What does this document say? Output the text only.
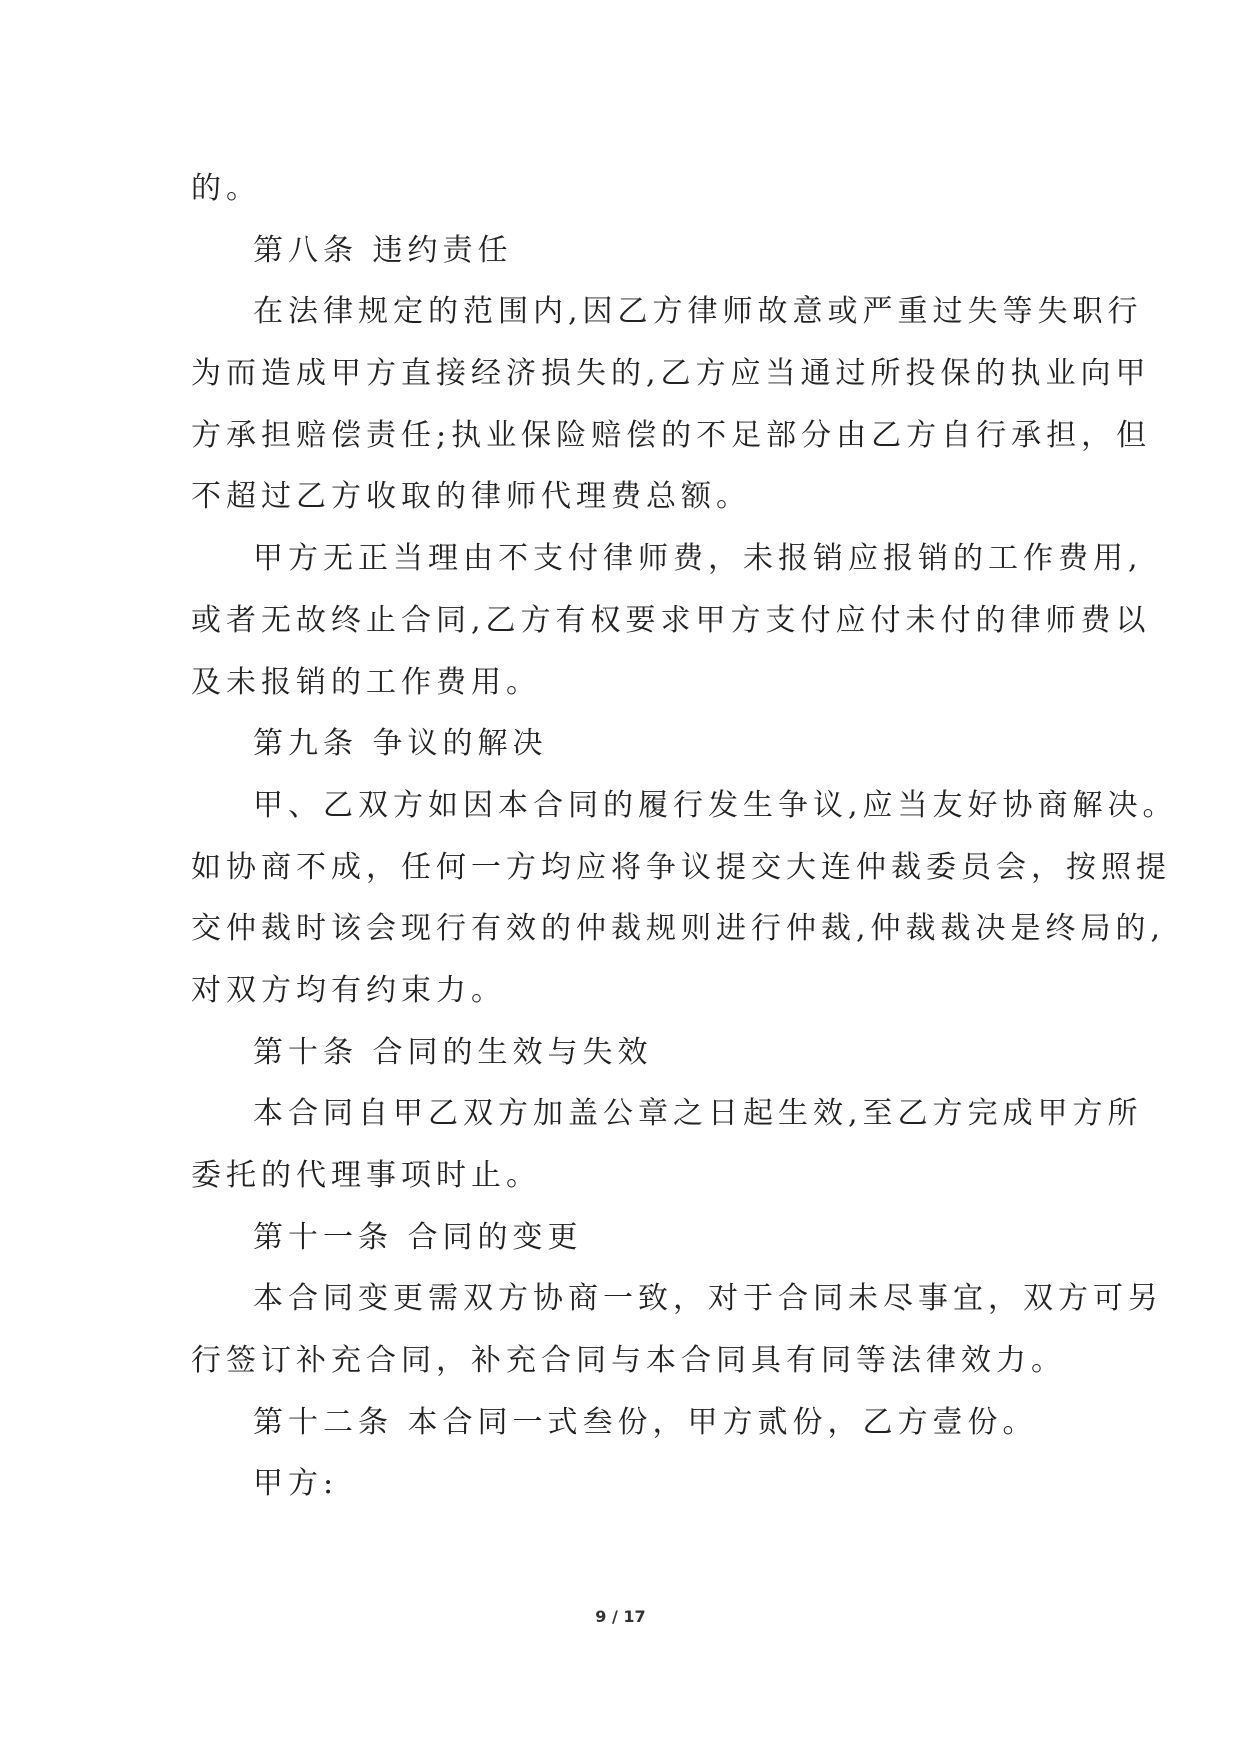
的。
第八条 违约责任
在法律规定的范围内,因乙方律师故意或严重过失等失职行
为而造成甲方直接经济损失的,乙方应当通过所投保的执业向甲
方承担赔偿责任;执业保险赔偿的不足部分由乙方自行承担，但
不超过乙方收取的律师代理费总额。
甲方无正当理由不支付律师费，未报销应报销的工作费用,
或者无故终止合同,乙方有权要求甲方支付应付未付的律师费以
及未报销的工作费用。
第九条 争议的解决
甲、乙双方如因本合同的履行发生争议,应当友好协商解决。
如协商不成，任何一方均应将争议提交大连仲裁委员会，按照提
交仲裁时该会现行有效的仲裁规则进行仲裁,仲裁裁决是终局的,
对双方均有约束力。
第十条 合同的生效与失效
本合同自甲乙双方加盖公章之日起生效,至乙方完成甲方所
委托的代理事项时止。
第十一条 合同的变更
本合同变更需双方协商一致，对于合同未尽事宜，双方可另
行签订补充合同，补充合同与本合同具有同等法律效力。
第十二条 本合同一式叁份，甲方贰份，乙方壹份。
甲方:
9 / 17
